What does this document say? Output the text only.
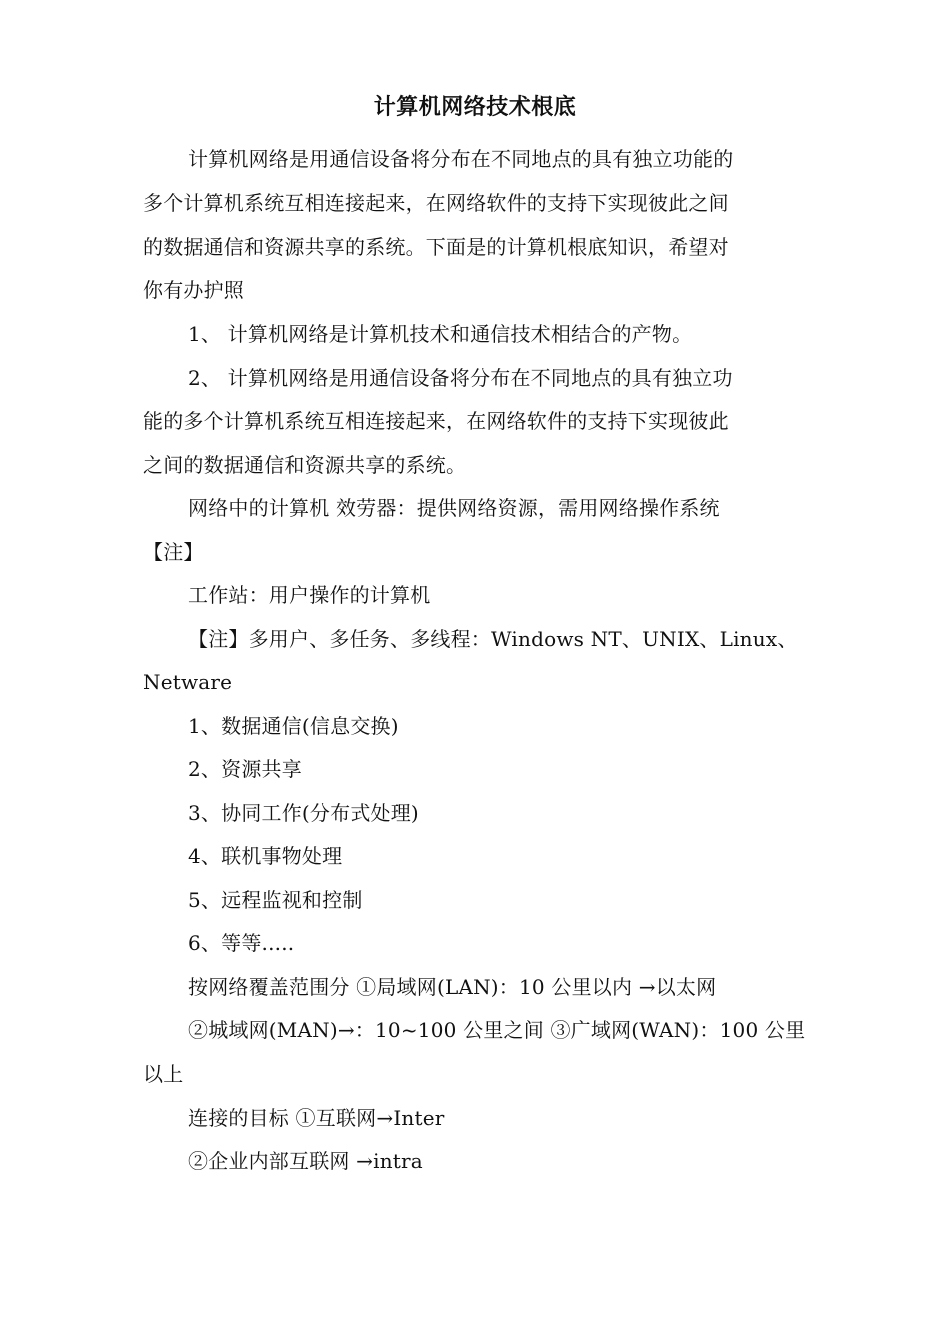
计算机网络技术根底
计算机网络是用通信设备将分布在不同地点的具有独立功能的
多个计算机系统互相连接起来，在网络软件的支持下实现彼此之间
的数据通信和资源共享的系统。下面是的计算机根底知识，希望对
你有办护照
1、 计算机网络是计算机技术和通信技术相结合的产物。
2、 计算机网络是用通信设备将分布在不同地点的具有独立功
能的多个计算机系统互相连接起来，在网络软件的支持下实现彼此
之间的数据通信和资源共享的系统。
网络中的计算机 效劳器：提供网络资源，需用网络操作系统
【注】
工作站：用户操作的计算机
【注】多用户、多任务、多线程：Windows NT、UNIX、Linux、
Netware
1、数据通信(信息交换)
2、资源共享
3、协同工作(分布式处理)
4、联机事物处理
5、远程监视和控制
6、等等.....
按网络覆盖范围分 ①局域网(LAN)：10 公里以内 →以太网
②城域网(MAN)→：10~100 公里之间 ③广域网(WAN)：100 公里
以上
连接的目标 ①互联网→Inter
②企业内部互联网 →intra
